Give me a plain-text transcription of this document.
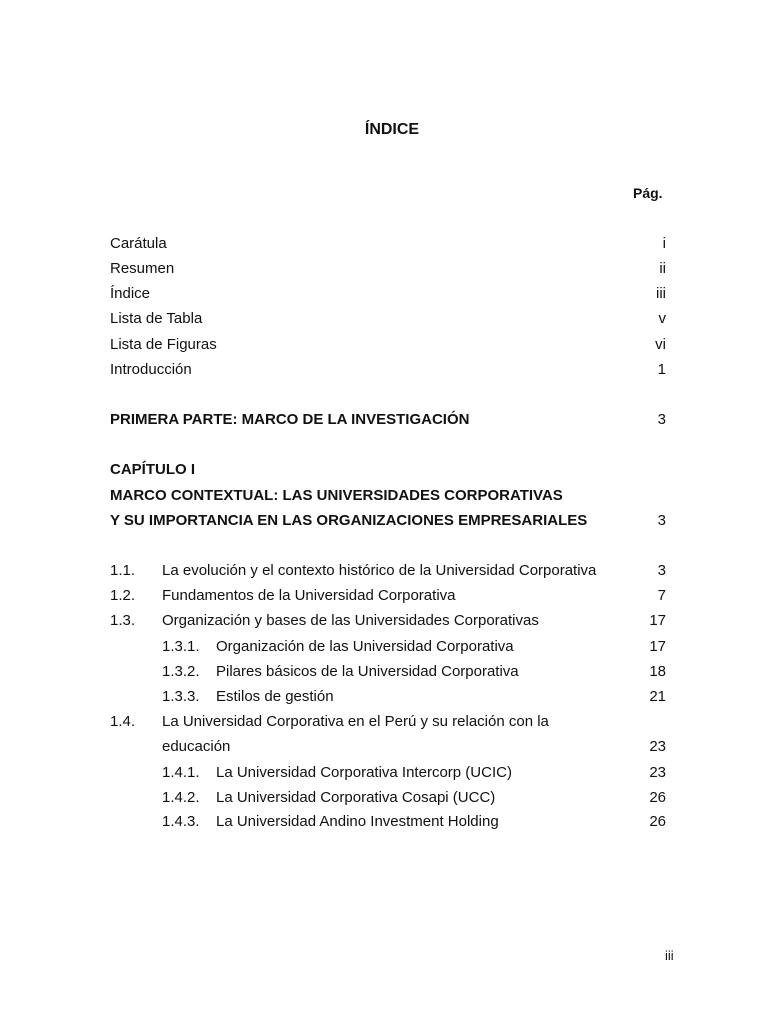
ÍNDICE
Pág.
Carátula	i
Resumen	ii
Índice	iii
Lista de Tabla	v
Lista de Figuras	vi
Introducción	1
PRIMERA PARTE: MARCO DE LA INVESTIGACIÓN	3
CAPÍTULO I
MARCO CONTEXTUAL: LAS UNIVERSIDADES CORPORATIVAS
Y SU IMPORTANCIA EN LAS ORGANIZACIONES EMPRESARIALES	3
1.1. La evolución y el contexto histórico de la Universidad Corporativa	3
1.2. Fundamentos de la Universidad Corporativa	7
1.3. Organización y bases de las Universidades Corporativas	17
1.3.1. Organización de las Universidad Corporativa	17
1.3.2. Pilares básicos de la Universidad Corporativa	18
1.3.3. Estilos de gestión	21
1.4. La Universidad Corporativa en el Perú y su relación con la
educación	23
1.4.1. La Universidad Corporativa Intercorp (UCIC)	23
1.4.2. La Universidad Corporativa Cosapi (UCC)	26
1.4.3. La Universidad Andino Investment Holding	26
iii
